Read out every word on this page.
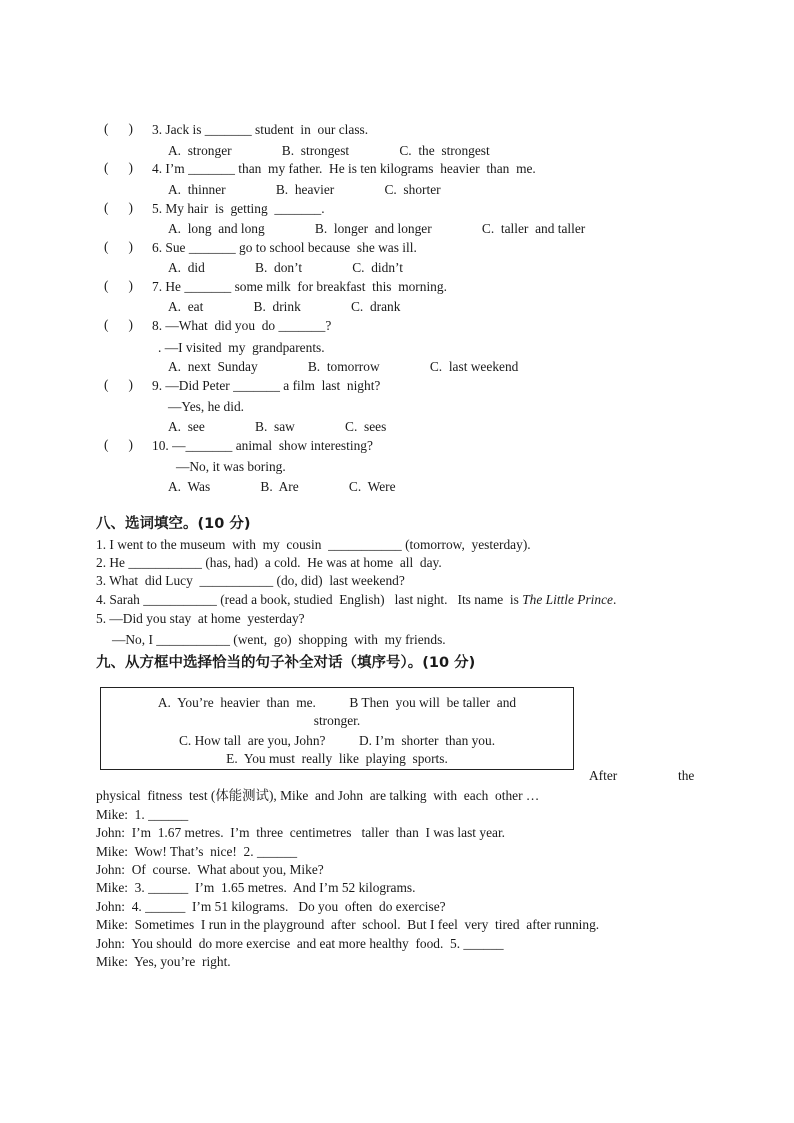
(      ) 3. Jack is _______ student  in  our class.
A.  stronger               B.  strongest               C.  the  strongest
(      ) 4. I’m _______ than  my father.  He is ten kilograms  heavier  than  me.
A.  thinner               B.  heavier               C.  shorter
(      ) 5. My hair  is  getting  _______.
A.  long  and long               B.  longer  and longer               C.  taller  and taller
(      ) 6. Sue _______ go to school because  she was ill.
A.  did               B.  don’t               C.  didn’t
(      ) 7. He _______ some milk  for breakfast  this  morning.
A.  eat               B.  drink               C.  drank
(      ) 8. —What  did you  do _______?
. —I visited  my  grandparents.
A.  next  Sunday               B.  tomorrow               C.  last weekend
(      ) 9. —Did Peter _______ a film  last  night?
—Yes, he did.
A.  see               B.  saw               C.  sees
(      ) 10. —_______ animal  show interesting?
—No, it was boring.
A.  Was               B.  Are               C.  Were
八、选词填空。(10 分)
1. I went to the museum  with  my  cousin  ___________ (tomorrow,  yesterday).
2. He ___________ (has, had)  a cold.  He was at home  all  day.
3. What  did Lucy  ___________ (do, did)  last weekend?
4. Sarah ___________ (read a book, studied  English)   last night.   Its name  is The Little Prince.
5. —Did you stay  at home  yesterday?
—No, I ___________ (went,  go)  shopping  with  my friends.
九、从方框中选择恰当的句子补全对话（填序号）。(10 分)
A.  You’re  heavier  than  me.          B Then  you will  be taller  and
stronger.
C. How tall  are you, John?          D. I’m  shorter  than you.
E.  You must  really  like  playing  sports.
After	the
physical  fitness  test (体能测试), Mike  and John  are talking  with  each  other …
Mike:  1. ______
John:  I’m  1.67 metres.  I’m  three  centimetres   taller  than  I was last year.
Mike:  Wow! That’s  nice!  2. ______
John:  Of  course.  What about you, Mike?
Mike:  3. ______  I’m  1.65 metres.  And I’m 52 kilograms.
John:  4. ______  I’m 51 kilograms.   Do you  often  do exercise?
Mike:  Sometimes  I run in the playground  after  school.  But I feel  very  tired  after running.
John:  You should  do more exercise  and eat more healthy  food.  5. ______
Mike:  Yes, you’re  right.
